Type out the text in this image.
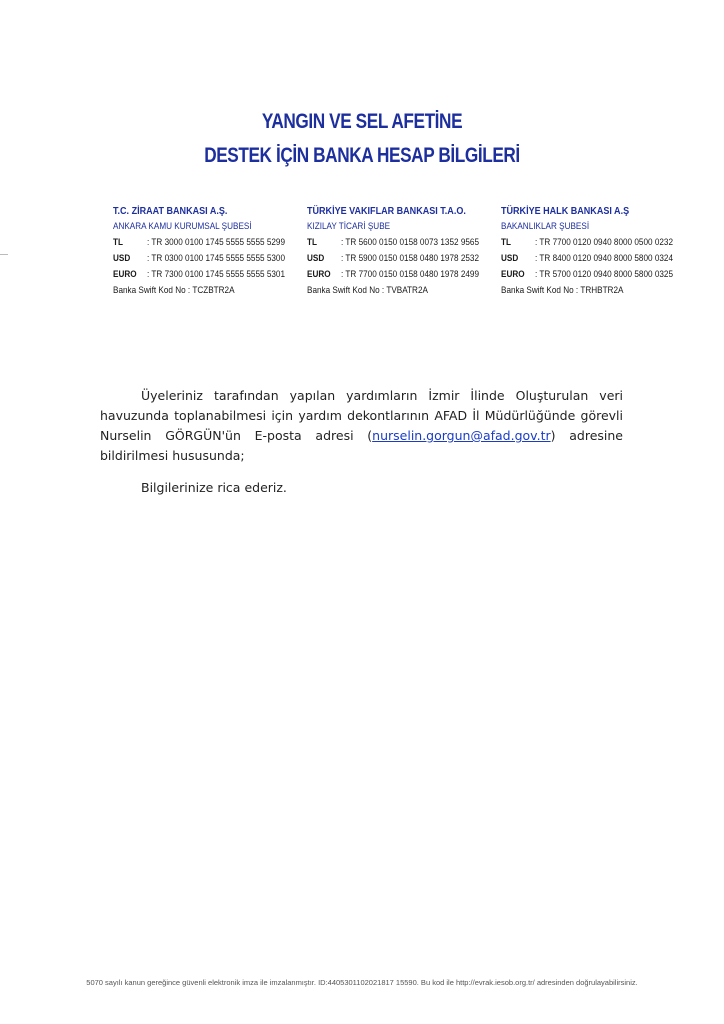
YANGIN VE SEL AFETİNE
DESTEK İÇİN BANKA HESAP BİLGİLERİ
T.C. ZİRAAT BANKASI A.Ş.
ANKARA KAMU KURUMSAL ŞUBESİ
TL	: TR 3000 0100 1745 5555 5555 5299
USD	: TR 0300 0100 1745 5555 5555 5300
EURO	: TR 7300 0100 1745 5555 5555 5301
Banka Swift Kod No : TCZBTR2A
TÜRKİYE VAKIFLAR BANKASI T.A.O.
KIZILAY TİCARİ ŞUBE
TL	: TR 5600 0150 0158 0073 1352 9565
USD	: TR 5900 0150 0158 0480 1978 2532
EURO	: TR 7700 0150 0158 0480 1978 2499
Banka Swift Kod No : TVBATR2A
TÜRKİYE HALK BANKASI A.Ş
BAKANLIKLAR ŞUBESİ
TL	: TR 7700 0120 0940 8000 0500 0232
USD	: TR 8400 0120 0940 8000 5800 0324
EURO	: TR 5700 0120 0940 8000 5800 0325
Banka Swift Kod No : TRHBTR2A
Üyeleriniz tarafından yapılan yardımların İzmir İlinde Oluşturulan veri havuzunda toplanabilmesi için yardım dekontlarının AFAD İl Müdürlüğünde görevli Nurselin GÖRGÜN'ün E-posta adresi (nurselin.gorgun@afad.gov.tr) adresine bildirilmesi hususunda;
Bilgilerinize rica ederiz.
5070 sayılı kanun gereğince güvenli elektronik imza ile imzalanmıştır. ID:4405301102021817 15590. Bu kod ile http://evrak.iesob.org.tr/ adresinden doğrulayabilirsiniz.
